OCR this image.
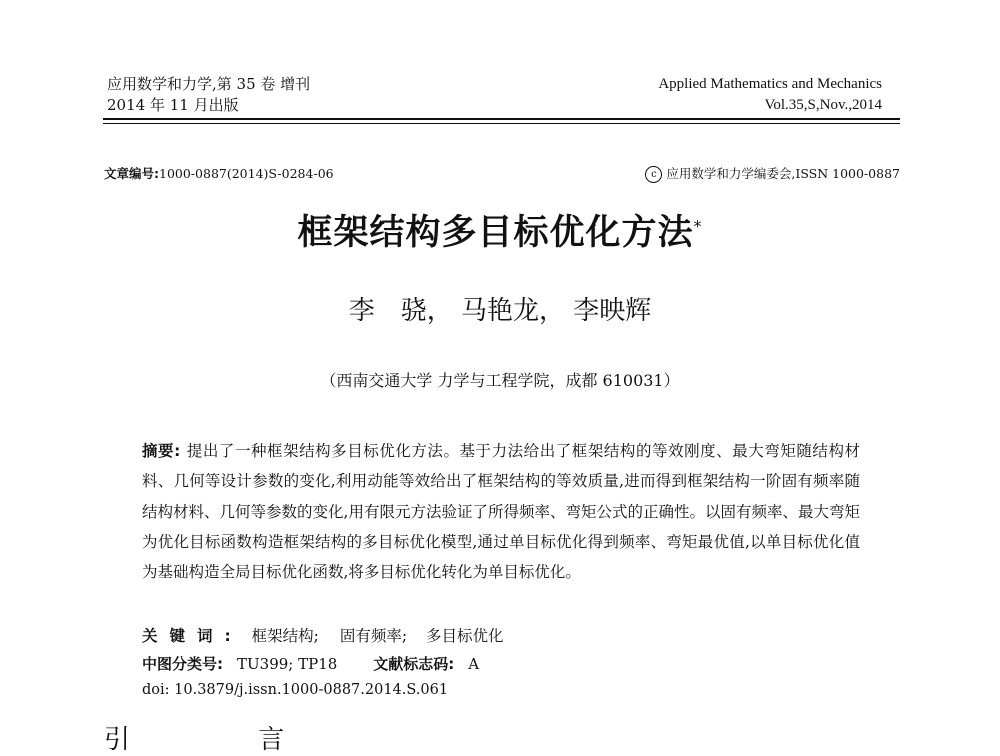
应用数学和力学,第 35 卷 增刊
2014 年 11 月出版
Applied Mathematics and Mechanics
Vol.35,S,Nov.,2014
文章编号:1000-0887(2014)S-0284-06	c 应用数学和力学编委会,ISSN 1000-0887
框架结构多目标优化方法*
李　骁， 马艳龙， 李映辉
（西南交通大学 力学与工程学院，成都 610031）
摘要: 提出了一种框架结构多目标优化方法。基于力法给出了框架结构的等效刚度、最大弯矩随结构材料、几何等设计参数的变化,利用动能等效给出了框架结构的等效质量,进而得到框架结构一阶固有频率随结构材料、几何等参数的变化,用有限元方法验证了所得频率、弯矩公式的正确性。以固有频率、最大弯矩为优化目标函数构造框架结构的多目标优化模型,通过单目标优化得到频率、弯矩最优值,以单目标优化值为基础构造全局目标优化函数,将多目标优化转化为单目标优化。
关键词: 框架结构; 固有频率; 多目标优化
中图分类号: TU399; TP18 文献标志码: A
doi: 10.3879/j.issn.1000-0887.2014.S.061
引 言
